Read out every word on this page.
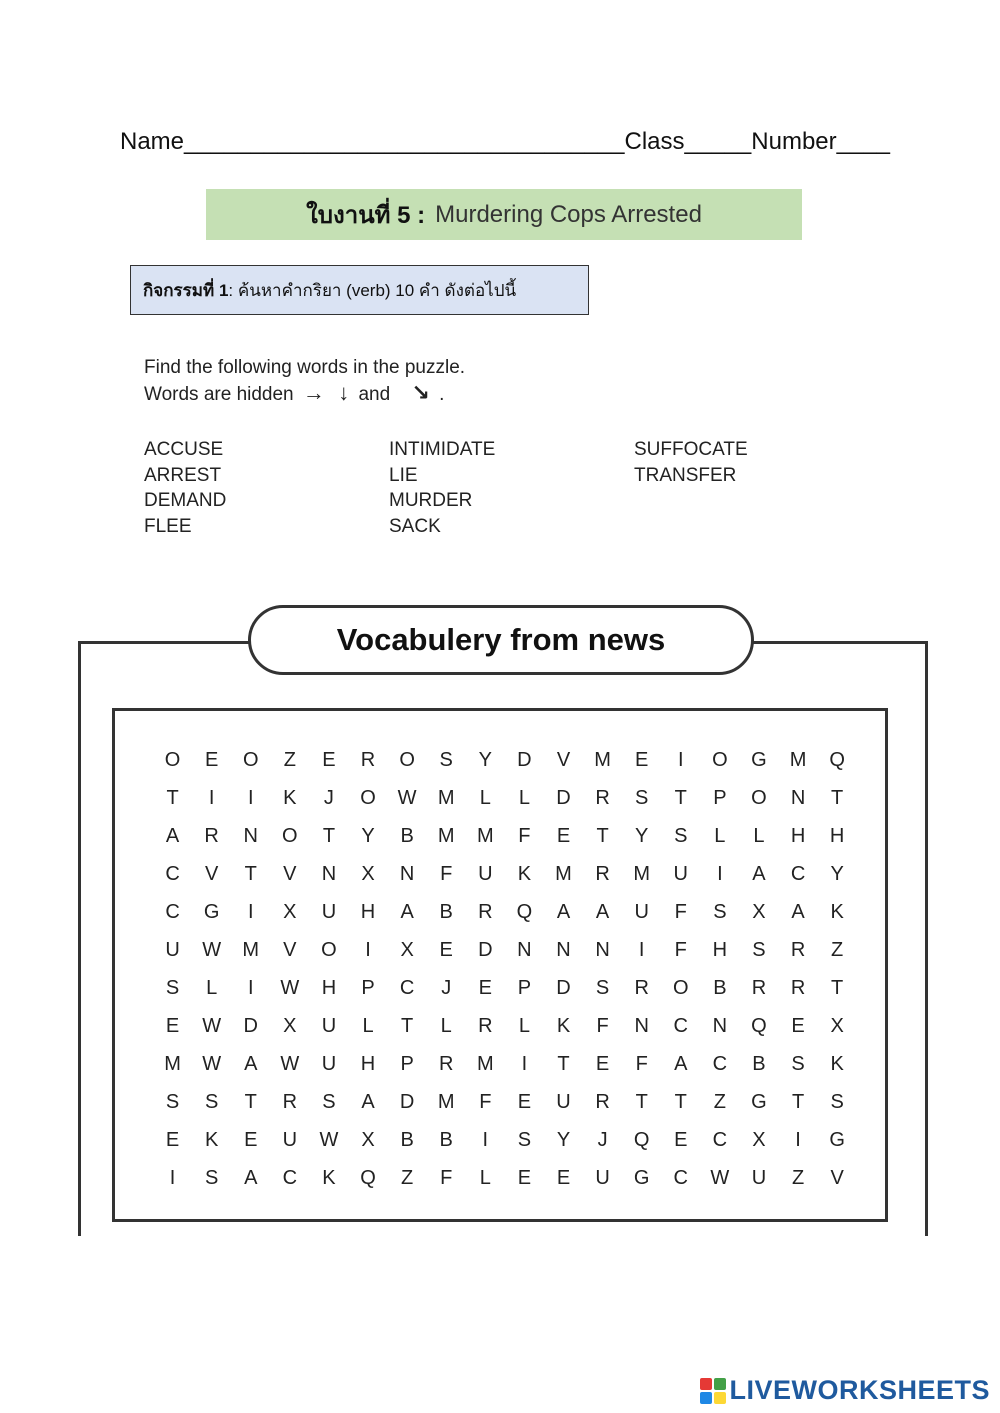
Name_________________________________Class_____Number____
ใบงานที่ 5 : Murdering Cops Arrested
กิจกรรมที่ 1: ค้นหาคำกริยา (verb) 10 คำ ดังต่อไปนี้
Find the following words in the puzzle.
Words are hidden → ↓ and ↘ .
ACCUSE
ARREST
DEMAND
FLEE
INTIMIDATE
LIE
MURDER
SACK
SUFFOCATE
TRANSFER
Vocabulery from news
O	E	O	Z	E	R	O	S	Y	D	V	M	E	I	O	G	M	Q
T	I	I	K	J	O	W	M	L	L	D	R	S	T	P	O	N	T
A	R	N	O	T	Y	B	M	M	F	E	T	Y	S	L	L	H	H
C	V	T	V	N	X	N	F	U	K	M	R	M	U	I	A	C	Y
C	G	I	X	U	H	A	B	R	Q	A	A	U	F	S	X	A	K
U	W	M	V	O	I	X	E	D	N	N	N	I	F	H	S	R	Z
S	L	I	W	H	P	C	J	E	P	D	S	R	O	B	R	R	T
E	W	D	X	U	L	T	L	R	L	K	F	N	C	N	Q	E	X
M	W	A	W	U	H	P	R	M	I	T	E	F	A	C	B	S	K
S	S	T	R	S	A	D	M	F	E	U	R	T	T	Z	G	T	S
E	K	E	U	W	X	B	B	I	S	Y	J	Q	E	C	X	I	G
I	S	A	C	K	Q	Z	F	L	E	E	U	G	C	W	U	Z	V
LIVEWORKSHEETS
